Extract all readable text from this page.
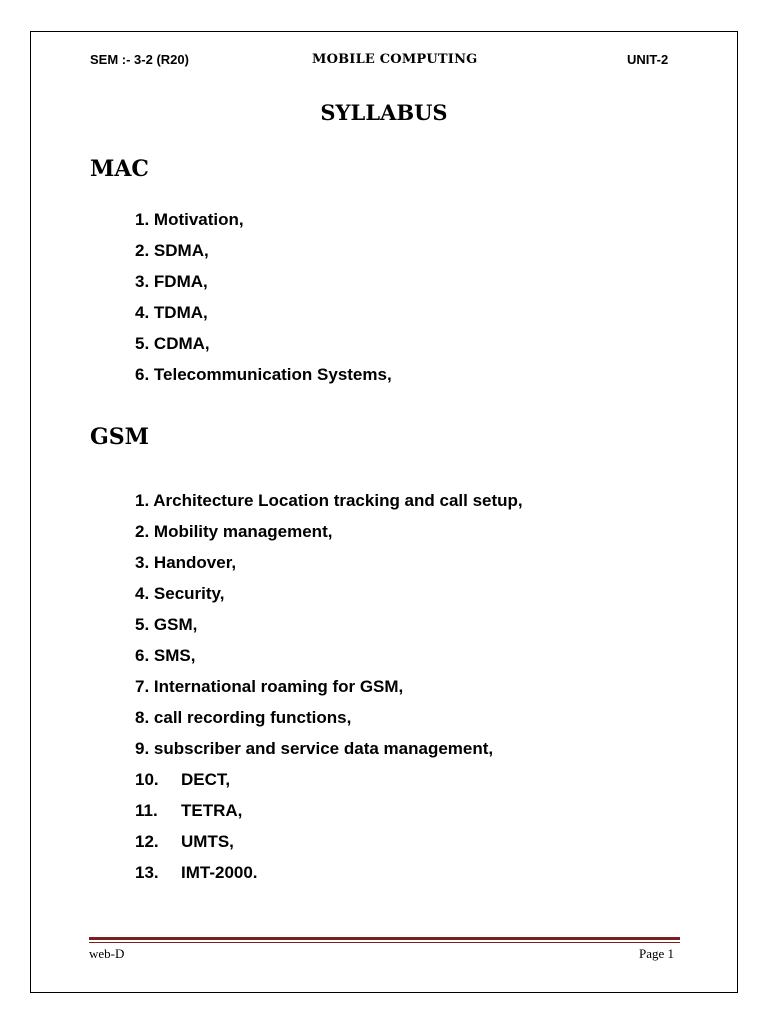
SEM :- 3-2 (R20)	MOBILE COMPUTING	UNIT-2
SYLLABUS
MAC
1. Motivation,
2. SDMA,
3. FDMA,
4. TDMA,
5. CDMA,
6. Telecommunication Systems,
GSM
1. Architecture Location tracking and call setup,
2. Mobility management,
3. Handover,
4. Security,
5. GSM,
6. SMS,
7. International roaming for GSM,
8. call recording functions,
9. subscriber and service data management,
10. DECT,
11. TETRA,
12. UMTS,
13. IMT-2000.
web-D	Page 1
